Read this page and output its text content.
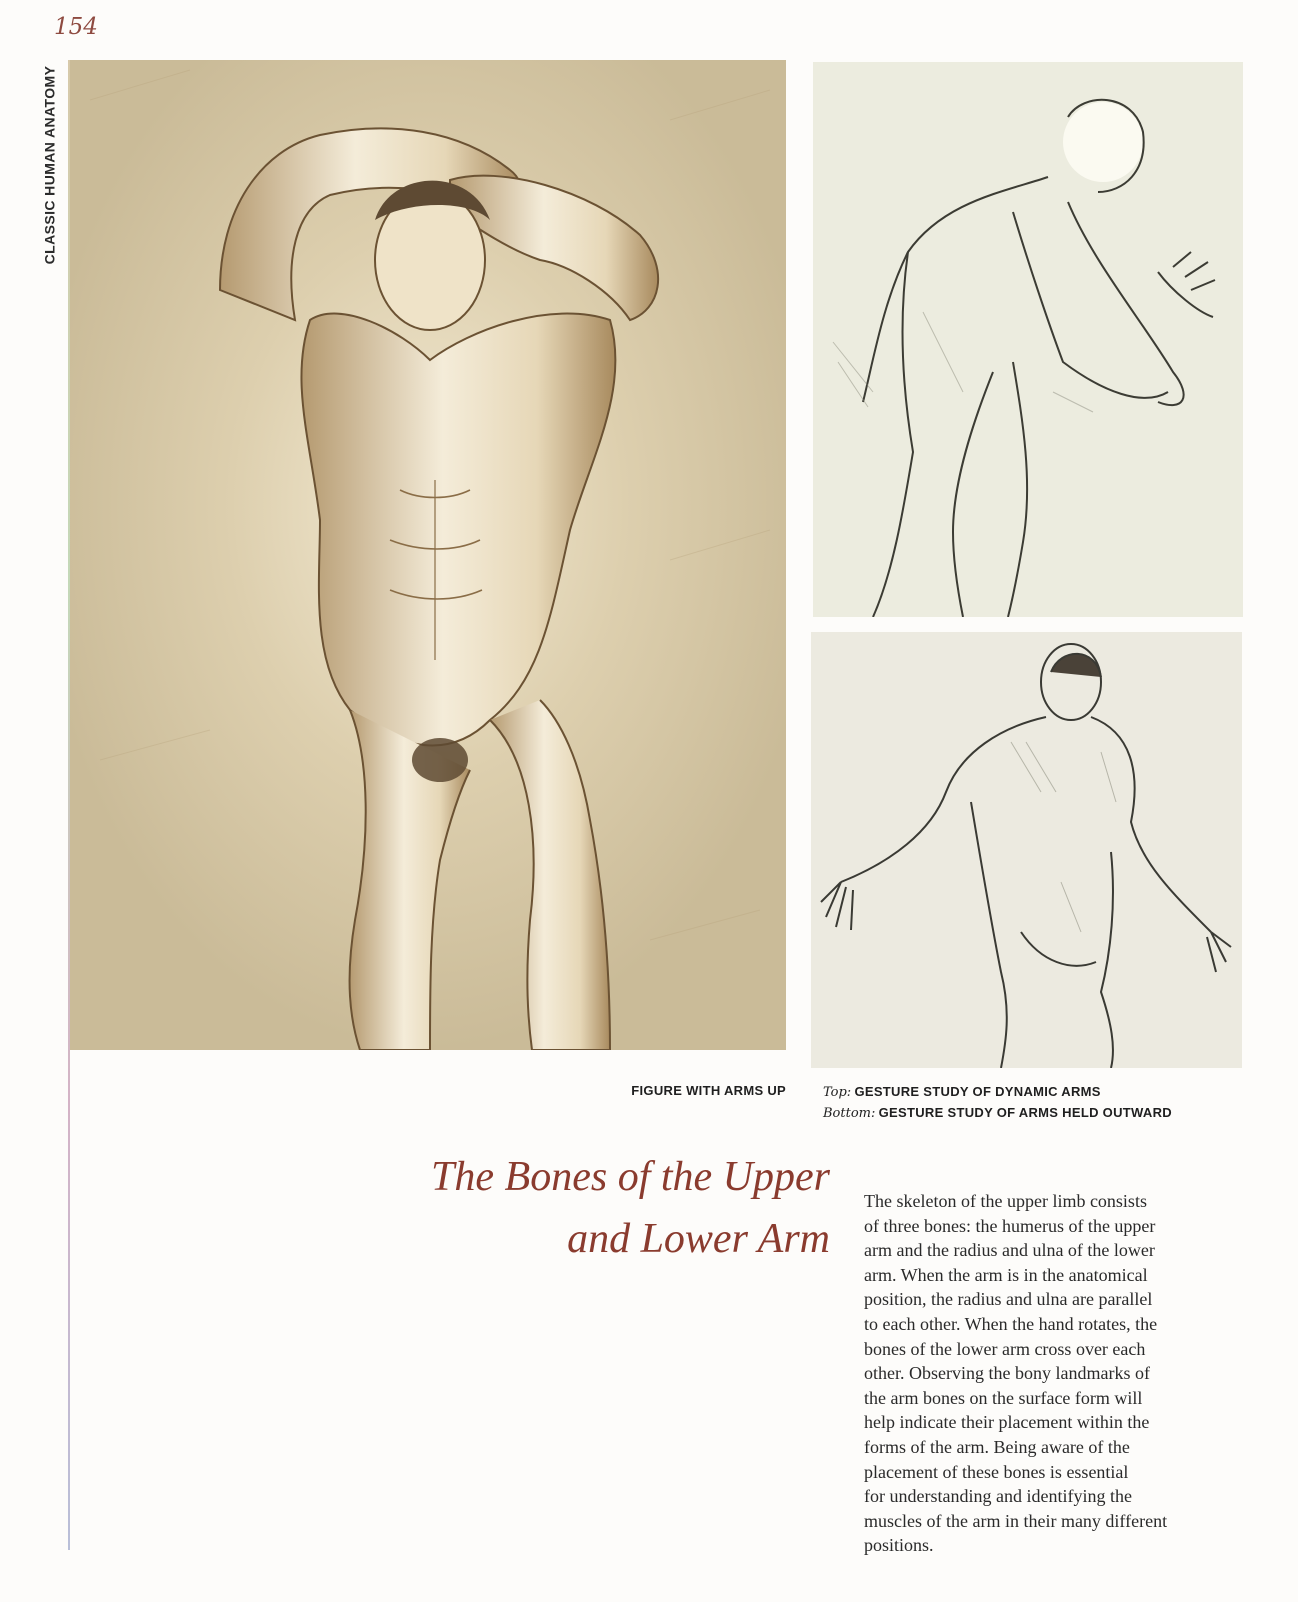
154
CLASSIC HUMAN ANATOMY
FIGURE WITH ARMS UP	Top: GESTURE STUDY OF DYNAMIC ARMS
Bottom: GESTURE STUDY OF ARMS HELD OUTWARD
The Bones of the Upper
and Lower Arm
The skeleton of the upper limb consists
of three bones: the humerus of the upper
arm and the radius and ulna of the lower
arm. When the arm is in the anatomical
position, the radius and ulna are parallel
to each other. When the hand rotates, the
bones of the lower arm cross over each
other. Observing the bony landmarks of
the arm bones on the surface form will
help indicate their placement within the
forms of the arm. Being aware of the
placement of these bones is essential
for understanding and identifying the
muscles of the arm in their many different
positions.
